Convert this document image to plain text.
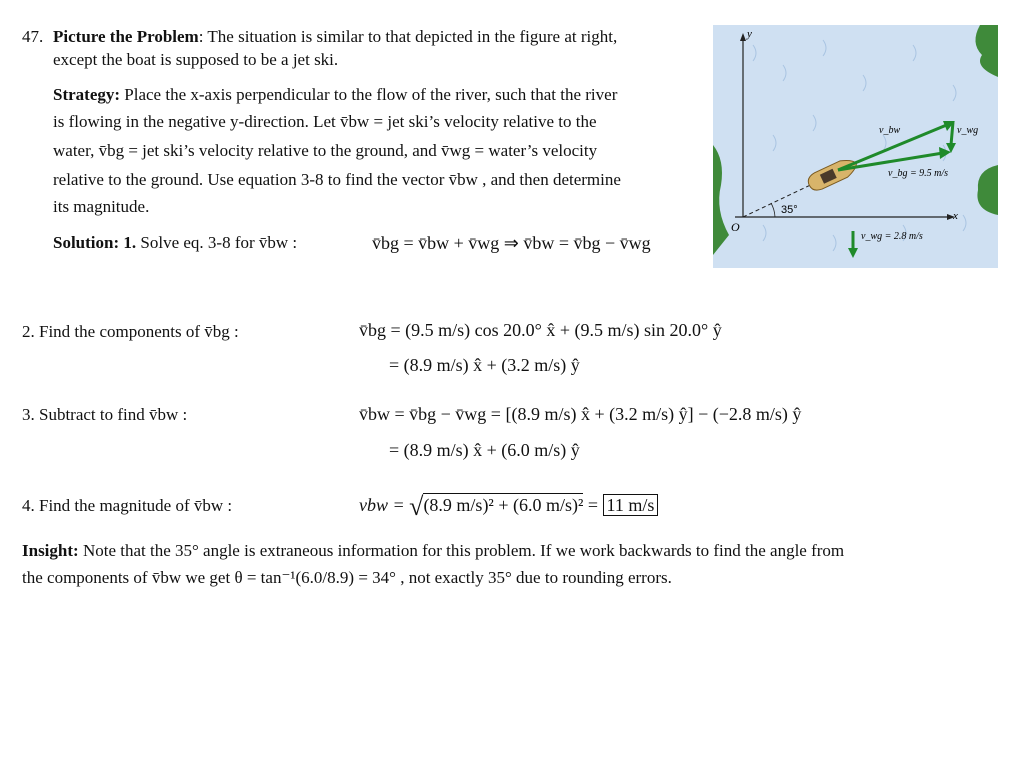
47. Picture the Problem: The situation is similar to that depicted in the figure at right,
except the boat is supposed to be a jet ski.
Strategy: Place the x-axis perpendicular to the flow of the river, such that the river
is flowing in the negative y-direction. Let v̄bw = jet ski’s velocity relative to the
water, v̄bg = jet ski’s velocity relative to the ground, and v̄wg = water’s velocity
relative to the ground. Use equation 3-8 to find the vector v̄bw , and then determine
its magnitude.
Solution: 1. Solve eq. 3-8 for v̄bw :	v̄bg = v̄bw + v̄wg ⇒ v̄bw = v̄bg − v̄wg
2. Find the components of v̄bg :	v̄bg = (9.5 m/s) cos 20.0° x̂ + (9.5 m/s) sin 20.0° ŷ
= (8.9 m/s) x̂ + (3.2 m/s) ŷ
3. Subtract to find v̄bw :	v̄bw = v̄bg − v̄wg = [(8.9 m/s) x̂ + (3.2 m/s) ŷ] − (−2.8 m/s) ŷ
= (8.9 m/s) x̂ + (6.0 m/s) ŷ
4. Find the magnitude of v̄bw :	vbw = √(8.9 m/s)² + (6.0 m/s)² = 11 m/s
Insight: Note that the 35° angle is extraneous information for this problem. If we work backwards to find the angle from
the components of v̄bw we get θ = tan⁻¹(6.0/8.9) = 34° , not exactly 35° due to rounding errors.
y
x
O
35°
v_bw	v_wg
v_bg = 9.5 m/s
v_wg = 2.8 m/s
